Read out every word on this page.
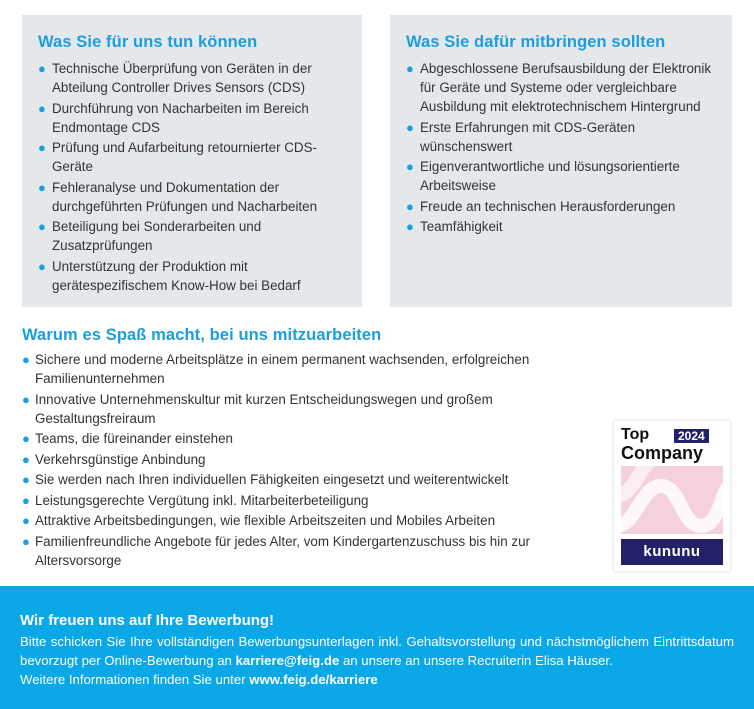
Was Sie für uns tun können
● Technische Überprüfung von Geräten in der Abteilung Controller Drives Sensors (CDS)
● Durchführung von Nacharbeiten im Bereich Endmontage CDS
● Prüfung und Aufarbeitung retournierter CDS-Geräte
● Fehleranalyse und Dokumentation der durchgeführten Prüfungen und Nacharbeiten
● Beteiligung bei Sonderarbeiten und Zusatzprüfungen
● Unterstützung der Produktion mit gerätespezifischem Know-How bei Bedarf
Was Sie dafür mitbringen sollten
● Abgeschlossene Berufsausbildung der Elektronik für Geräte und Systeme oder vergleichbare Ausbildung mit elektrotechnischem Hintergrund
● Erste Erfahrungen mit CDS-Geräten wünschenswert
● Eigenverantwortliche und lösungsorientierte Arbeitsweise
● Freude an technischen Herausforderungen
● Teamfähigkeit
Warum es Spaß macht, bei uns mitzuarbeiten
● Sichere und moderne Arbeitsplätze in einem permanent wachsenden, erfolgreichen Familienunternehmen
● Innovative Unternehmenskultur mit kurzen Entscheidungswegen und großem Gestaltungsfreiraum
● Teams, die füreinander einstehen
● Verkehrsgünstige Anbindung
● Sie werden nach Ihren individuellen Fähigkeiten eingesetzt und weiterentwickelt
● Leistungsgerechte Vergütung inkl. Mitarbeiterbeteiligung
● Attraktive Arbeitsbedingungen, wie flexible Arbeitszeiten und Mobiles Arbeiten
● Familienfreundliche Angebote für jedes Alter, vom Kindergartenzuschuss bis hin zur Altersvorsorge
Top	2024
Company
kununu
Wir freuen uns auf Ihre Bewerbung!

Bitte schicken Sie Ihre vollständigen Bewerbungsunterlagen inkl. Gehaltsvorstellung und nächstmöglichem Eintrittsdatum bevorzugt per Online-Bewerbung an karriere@feig.de an unsere an unsere Recruiterin Elisa Häuser.
Weitere Informationen finden Sie unter www.feig.de/karriere
